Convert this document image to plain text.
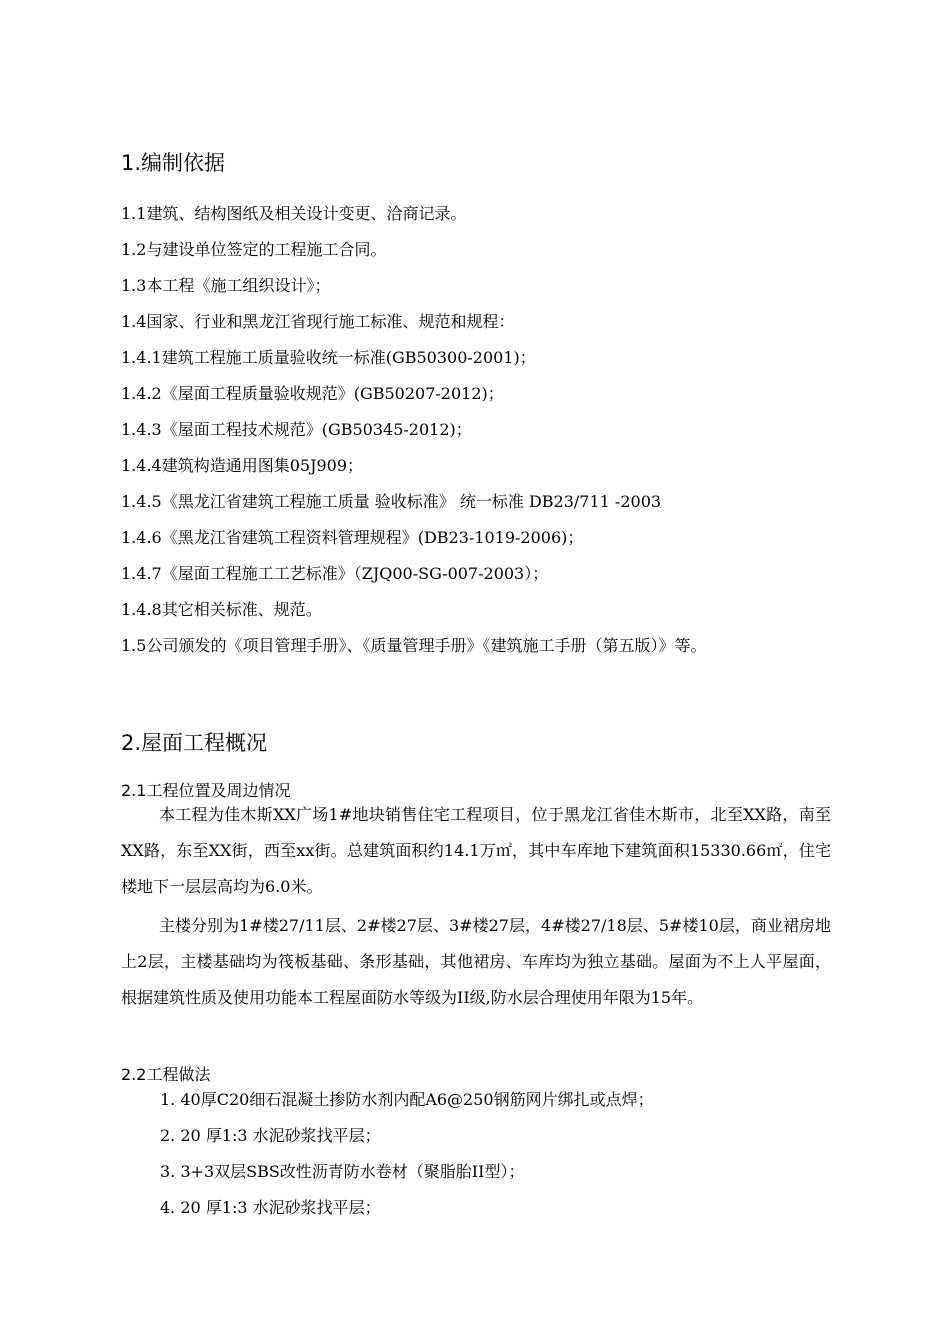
1.编制依据
1.1建筑、结构图纸及相关设计变更、洽商记录。
1.2与建设单位签定的工程施工合同。
1.3本工程《施工组织设计》；
1.4国家、行业和黑龙江省现行施工标准、规范和规程：
1.4.1建筑工程施工质量验收统一标准(GB50300-2001)；
1.4.2《屋面工程质量验收规范》(GB50207-2012)；
1.4.3《屋面工程技术规范》(GB50345-2012)；
1.4.4建筑构造通用图集05J909；
1.4.5《黑龙江省建筑工程施工质量 验收标准》 统一标准 DB23/711 -2003
1.4.6《黑龙江省建筑工程资料管理规程》(DB23-1019-2006)；
1.4.7《屋面工程施工工艺标准》（ZJQ00-SG-007-2003）；
1.4.8其它相关标准、规范。
1.5公司颁发的《项目管理手册》、《质量管理手册》《建筑施工手册（第五版）》等。
2.屋面工程概况
2.1工程位置及周边情况
本工程为佳木斯XX广场1#地块销售住宅工程项目，位于黑龙江省佳木斯市，北至XX路，南至XX路，东至XX街，西至xx街。总建筑面积约14.1万㎡，其中车库地下建筑面积15330.66㎡，住宅楼地下一层层高均为6.0米。
主楼分别为1#楼27/11层、2#楼27层、3#楼27层，4#楼27/18层、5#楼10层，商业裙房地上2层，主楼基础均为筏板基础、条形基础，其他裙房、车库均为独立基础。屋面为不上人平屋面，根据建筑性质及使用功能本工程屋面防水等级为II级,防水层合理使用年限为15年。
2.2工程做法
1. 40厚C20细石混凝土掺防水剂内配A6@250钢筋网片绑扎或点焊；
2. 20 厚1:3 水泥砂浆找平层；
3. 3+3双层SBS改性沥青防水卷材（聚脂胎II型）；
4. 20 厚1:3 水泥砂浆找平层；
